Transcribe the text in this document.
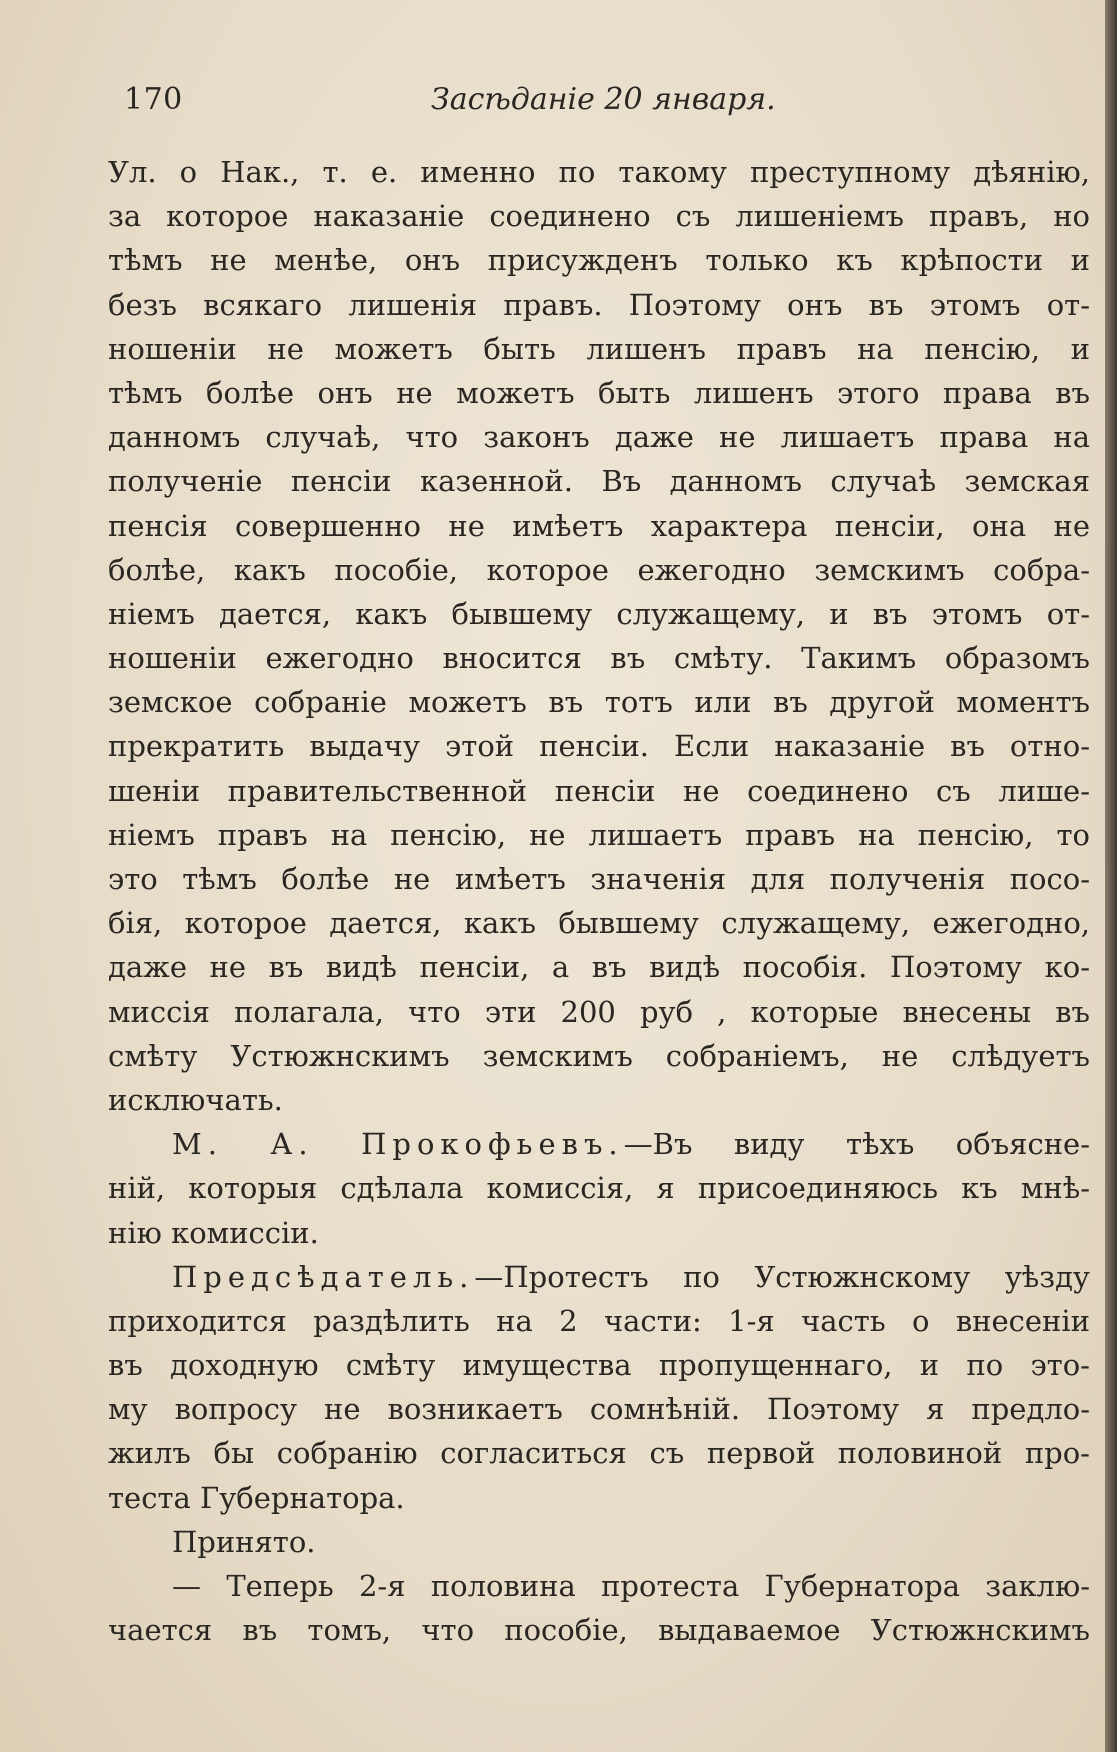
170	Засѣданіе 20 января.
Ул. о Нак., т. е. именно по такому преступному дѣянію,
за которое наказаніе соединено съ лишеніемъ правъ, но
тѣмъ не менѣе, онъ присужденъ только къ крѣпости и
безъ всякаго лишенія правъ. Поэтому онъ въ этомъ от-
ношеніи не можетъ быть лишенъ правъ на пенсію, и
тѣмъ болѣе онъ не можетъ быть лишенъ этого права въ
данномъ случаѣ, что законъ даже не лишаетъ права на
полученіе пенсіи казенной. Въ данномъ случаѣ земская
пенсія совершенно не имѣетъ характера пенсіи, она не
болѣе, какъ пособіе, которое ежегодно земскимъ собра-
ніемъ дается, какъ бывшему служащему, и въ этомъ от-
ношеніи ежегодно вносится въ смѣту. Такимъ образомъ
земское собраніе можетъ въ тотъ или въ другой моментъ
прекратить выдачу этой пенсіи. Если наказаніе въ отно-
шеніи правительственной пенсіи не соединено съ лише-
ніемъ правъ на пенсію, не лишаетъ правъ на пенсію, то
это тѣмъ болѣе не имѣетъ значенія для полученія посо-
бія, которое дается, какъ бывшему служащему, ежегодно,
даже не въ видѣ пенсіи, а въ видѣ пособія. Поэтому ко-
миссія полагала, что эти 200 руб , которые внесены въ
смѣту Устюжнскимъ земскимъ собраніемъ, не слѣдуетъ
исключать.
М. А. Прокофьевъ.—Въ виду тѣхъ объясне-
ній, которыя сдѣлала комиссія, я присоединяюсь къ мнѣ-
нію комиссіи.
Предсѣдатель.—Протестъ по Устюжнскому уѣзду
приходится раздѣлить на 2 части: 1-я часть о внесеніи
въ доходную смѣту имущества пропущеннаго, и по это-
му вопросу не возникаетъ сомнѣній. Поэтому я предло-
жилъ бы собранію согласиться съ первой половиной про-
теста Губернатора.
Принято.
— Теперь 2-я половина протеста Губернатора заклю-
чается въ томъ, что пособіе, выдаваемое Устюжнскимъ
